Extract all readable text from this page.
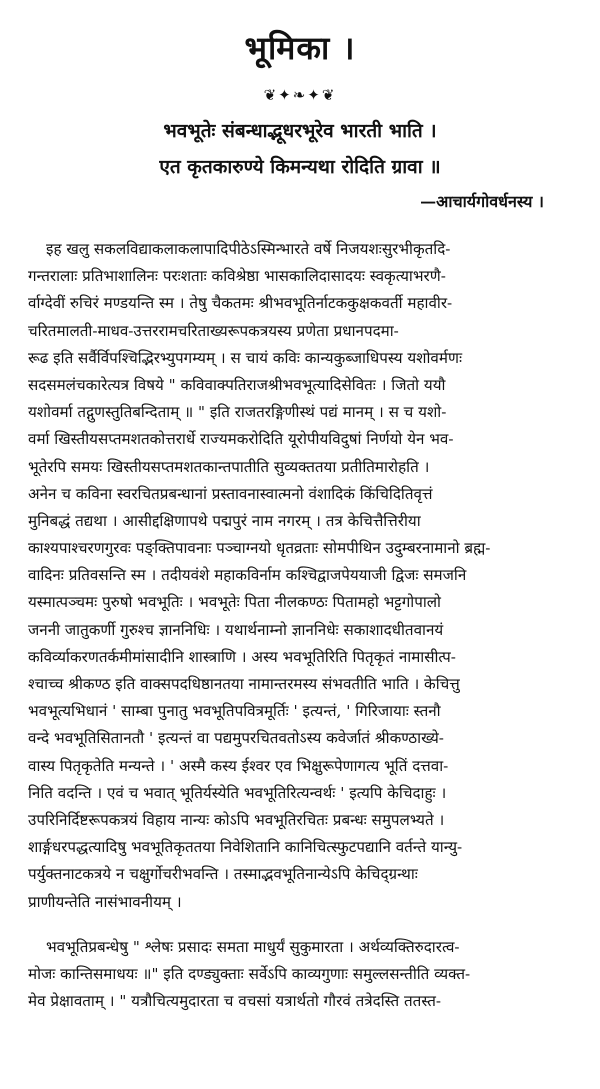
भूमिका ।
❦✦❧✦❦
भवभूतेः संबन्धाद्भूधरभूरेव भारती भाति ।
एत कृतकारुण्ये किमन्यथा रोदिति ग्रावा ॥
—आचार्यगोवर्धनस्य ।
इह खलु सकलविद्याकलाकलापादिपीठेऽस्मिन्भारते वर्षे निजयशःसुरभीकृतदि-
गन्तरालाः प्रतिभाशालिनः परःशताः कविश्रेष्ठा भासकालिदासादयः स्वकृत्याभरणै-
र्वाग्देवीं रुचिरं मण्डयन्ति स्म । तेषु चैकतमः श्रीभवभूतिर्नाटककुक्षकवर्ती महावीर-
चरितमालती-माधव-उत्तररामचरिताख्यरूपकत्रयस्य प्रणेता प्रधानपदमा-
रूढ इति सर्वैर्विपश्चिद्भिरभ्युपगम्यम् । स चायं कविः कान्यकुब्जाधिपस्य यशोवर्मणः
सदसमलंचकारेत्यत्र विषये " कविवाक्पतिराजश्रीभवभूत्यादिसेवितः । जितो ययौ
यशोवर्मा तद्गुणस्तुतिबन्दिताम् ॥ " इति राजतरङ्गिणीस्थं पद्यं मानम् । स च यशो-
वर्मा खिस्तीयसप्तमशतकोत्तरार्धे राज्यमकरोदिति यूरोपीयविदुषां निर्णयो येन भव-
भूतेरपि समयः खिस्तीयसप्तमशतकान्तपातीति सुव्यक्ततया प्रतीतिमारोहति ।
अनेन च कविना स्वरचितप्रबन्धानां प्रस्तावनास्वात्मनो वंशादिकं किंचिदितिवृत्तं
मुनिबद्धं तद्यथा । आसीद्दक्षिणापथे पद्मपुरं नाम नगरम् । तत्र केचित्तैत्तिरीया
काश्यपाश्चरणगुरवः पङ्क्तिपावनाः पञ्चाग्नयो धृतव्रताः सोमपीथिन उदुम्बरनामानो ब्रह्म-
वादिनः प्रतिवसन्ति स्म । तदीयवंशे महाकविर्नाम कश्चिद्वाजपेययाजी द्विजः समजनि
यस्मात्पञ्चमः पुरुषो भवभूतिः । भवभूतेः पिता नीलकण्ठः पितामहो भट्टगोपालो
जननी जातुकर्णी गुरुश्च ज्ञाननिधिः । यथार्थनाम्नो ज्ञाननिधेः सकाशादधीतवानयं
कविर्व्याकरणतर्कमीमांसादीनि शास्त्राणि । अस्य भवभूतिरिति पितृकृतं नामासीत्प-
श्चाच्च श्रीकण्ठ इति वाक्सपदधिष्ठानतया नामान्तरमस्य संभवतीति भाति । केचित्तु
भवभूत्यभिधानं ' साम्बा पुनातु भवभूतिपवित्रमूर्तिः ' इत्यन्तं, ' गिरिजायाः स्तनौ
वन्दे भवभूतिसितानतौ ' इत्यन्तं वा पद्यमुपरचितवतोऽस्य कवेर्जातं श्रीकण्ठाख्ये-
वास्य पितृकृतेति मन्यन्ते । ' अस्मै कस्य ईश्वर एव भिक्षुरूपेणागत्य भूतिं दत्तवा-
निति वदन्ति । एवं च भवात् भूतिर्यस्येति भवभूतिरित्यन्वर्थः ' इत्यपि केचिदाहुः ।
उपरिनिर्दिष्टरूपकत्रयं विहाय नान्यः कोऽपि भवभूतिरचितः प्रबन्धः समुपलभ्यते ।
शार्ङ्गधरपद्धत्यादिषु भवभूतिकृततया निवेशितानि कानिचित्स्फुटपद्यानि वर्तन्ते यान्यु-
पर्युक्तनाटकत्रये न चक्षुर्गोचरीभवन्ति । तस्माद्भवभूतिनान्येऽपि केचिद्ग्रन्थाः
प्राणीयन्तेति नासंभावनीयम् ।
भवभूतिप्रबन्धेषु " श्लेषः प्रसादः समता माधुर्यं सुकुमारता । अर्थव्यक्तिरुदारत्व-
मोजः कान्तिसमाधयः ॥" इति दण्ड्युक्ताः सर्वेऽपि काव्यगुणाः समुल्लसन्तीति व्यक्त-
मेव प्रेक्षावताम् । " यत्रौचित्यमुदारता च वचसां यत्रार्थतो गौरवं तत्रेदस्ति ततस्त-
